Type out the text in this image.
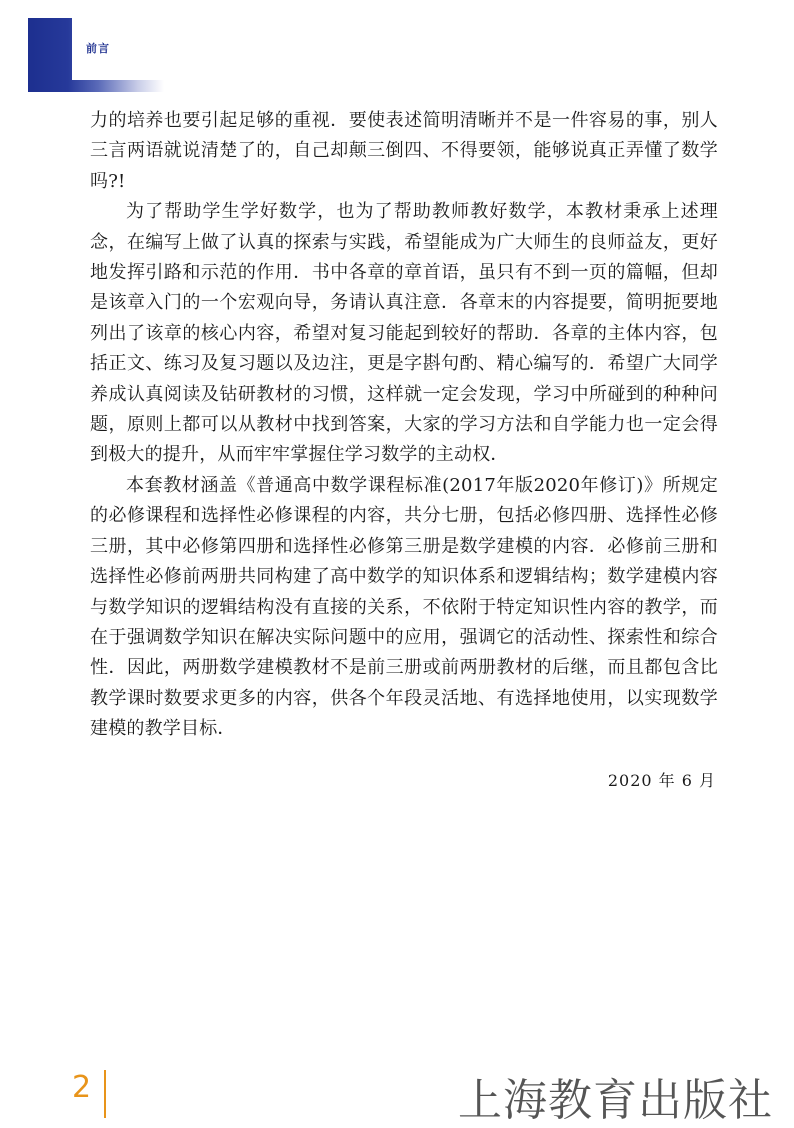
前言

力的培养也要引起足够的重视．要使表述简明清晰并不是一件容易的事，别人三言两语就说清楚了的，自己却颠三倒四、不得要领，能够说真正弄懂了数学吗?!

为了帮助学生学好数学，也为了帮助教师教好数学，本教材秉承上述理念，在编写上做了认真的探索与实践，希望能成为广大师生的良师益友，更好地发挥引路和示范的作用．书中各章的章首语，虽只有不到一页的篇幅，但却是该章入门的一个宏观向导，务请认真注意．各章末的内容提要，简明扼要地列出了该章的核心内容，希望对复习能起到较好的帮助．各章的主体内容，包括正文、练习及复习题以及边注，更是字斟句酌、精心编写的．希望广大同学养成认真阅读及钻研教材的习惯，这样就一定会发现，学习中所碰到的种种问题，原则上都可以从教材中找到答案，大家的学习方法和自学能力也一定会得到极大的提升，从而牢牢掌握住学习数学的主动权．

本套教材涵盖《普通高中数学课程标准(2017年版2020年修订)》所规定的必修课程和选择性必修课程的内容，共分七册，包括必修四册、选择性必修三册，其中必修第四册和选择性必修第三册是数学建模的内容．必修前三册和选择性必修前两册共同构建了高中数学的知识体系和逻辑结构；数学建模内容与数学知识的逻辑结构没有直接的关系，不依附于特定知识性内容的教学，而在于强调数学知识在解决实际问题中的应用，强调它的活动性、探索性和综合性．因此，两册数学建模教材不是前三册或前两册教材的后继，而且都包含比教学课时数要求更多的内容，供各个年段灵活地、有选择地使用，以实现数学建模的教学目标．

2020 年 6 月
2	上海教育出版社
